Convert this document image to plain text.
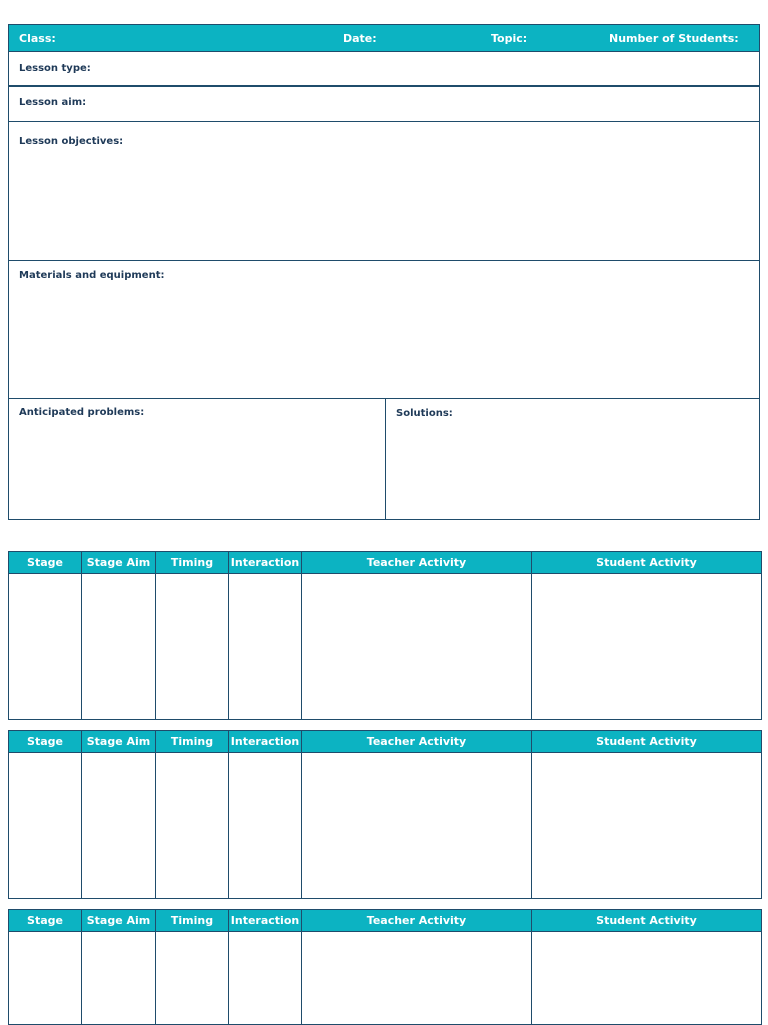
Class:	Date:	Topic:	Number of Students:
Lesson type:
Lesson aim:
Lesson objectives:
Materials and equipment:
Anticipated problems:	Solutions:
Stage	Stage Aim	Timing	Interaction	Teacher Activity	Student Activity

Stage	Stage Aim	Timing	Interaction	Teacher Activity	Student Activity

Stage	Stage Aim	Timing	Interaction	Teacher Activity	Student Activity
